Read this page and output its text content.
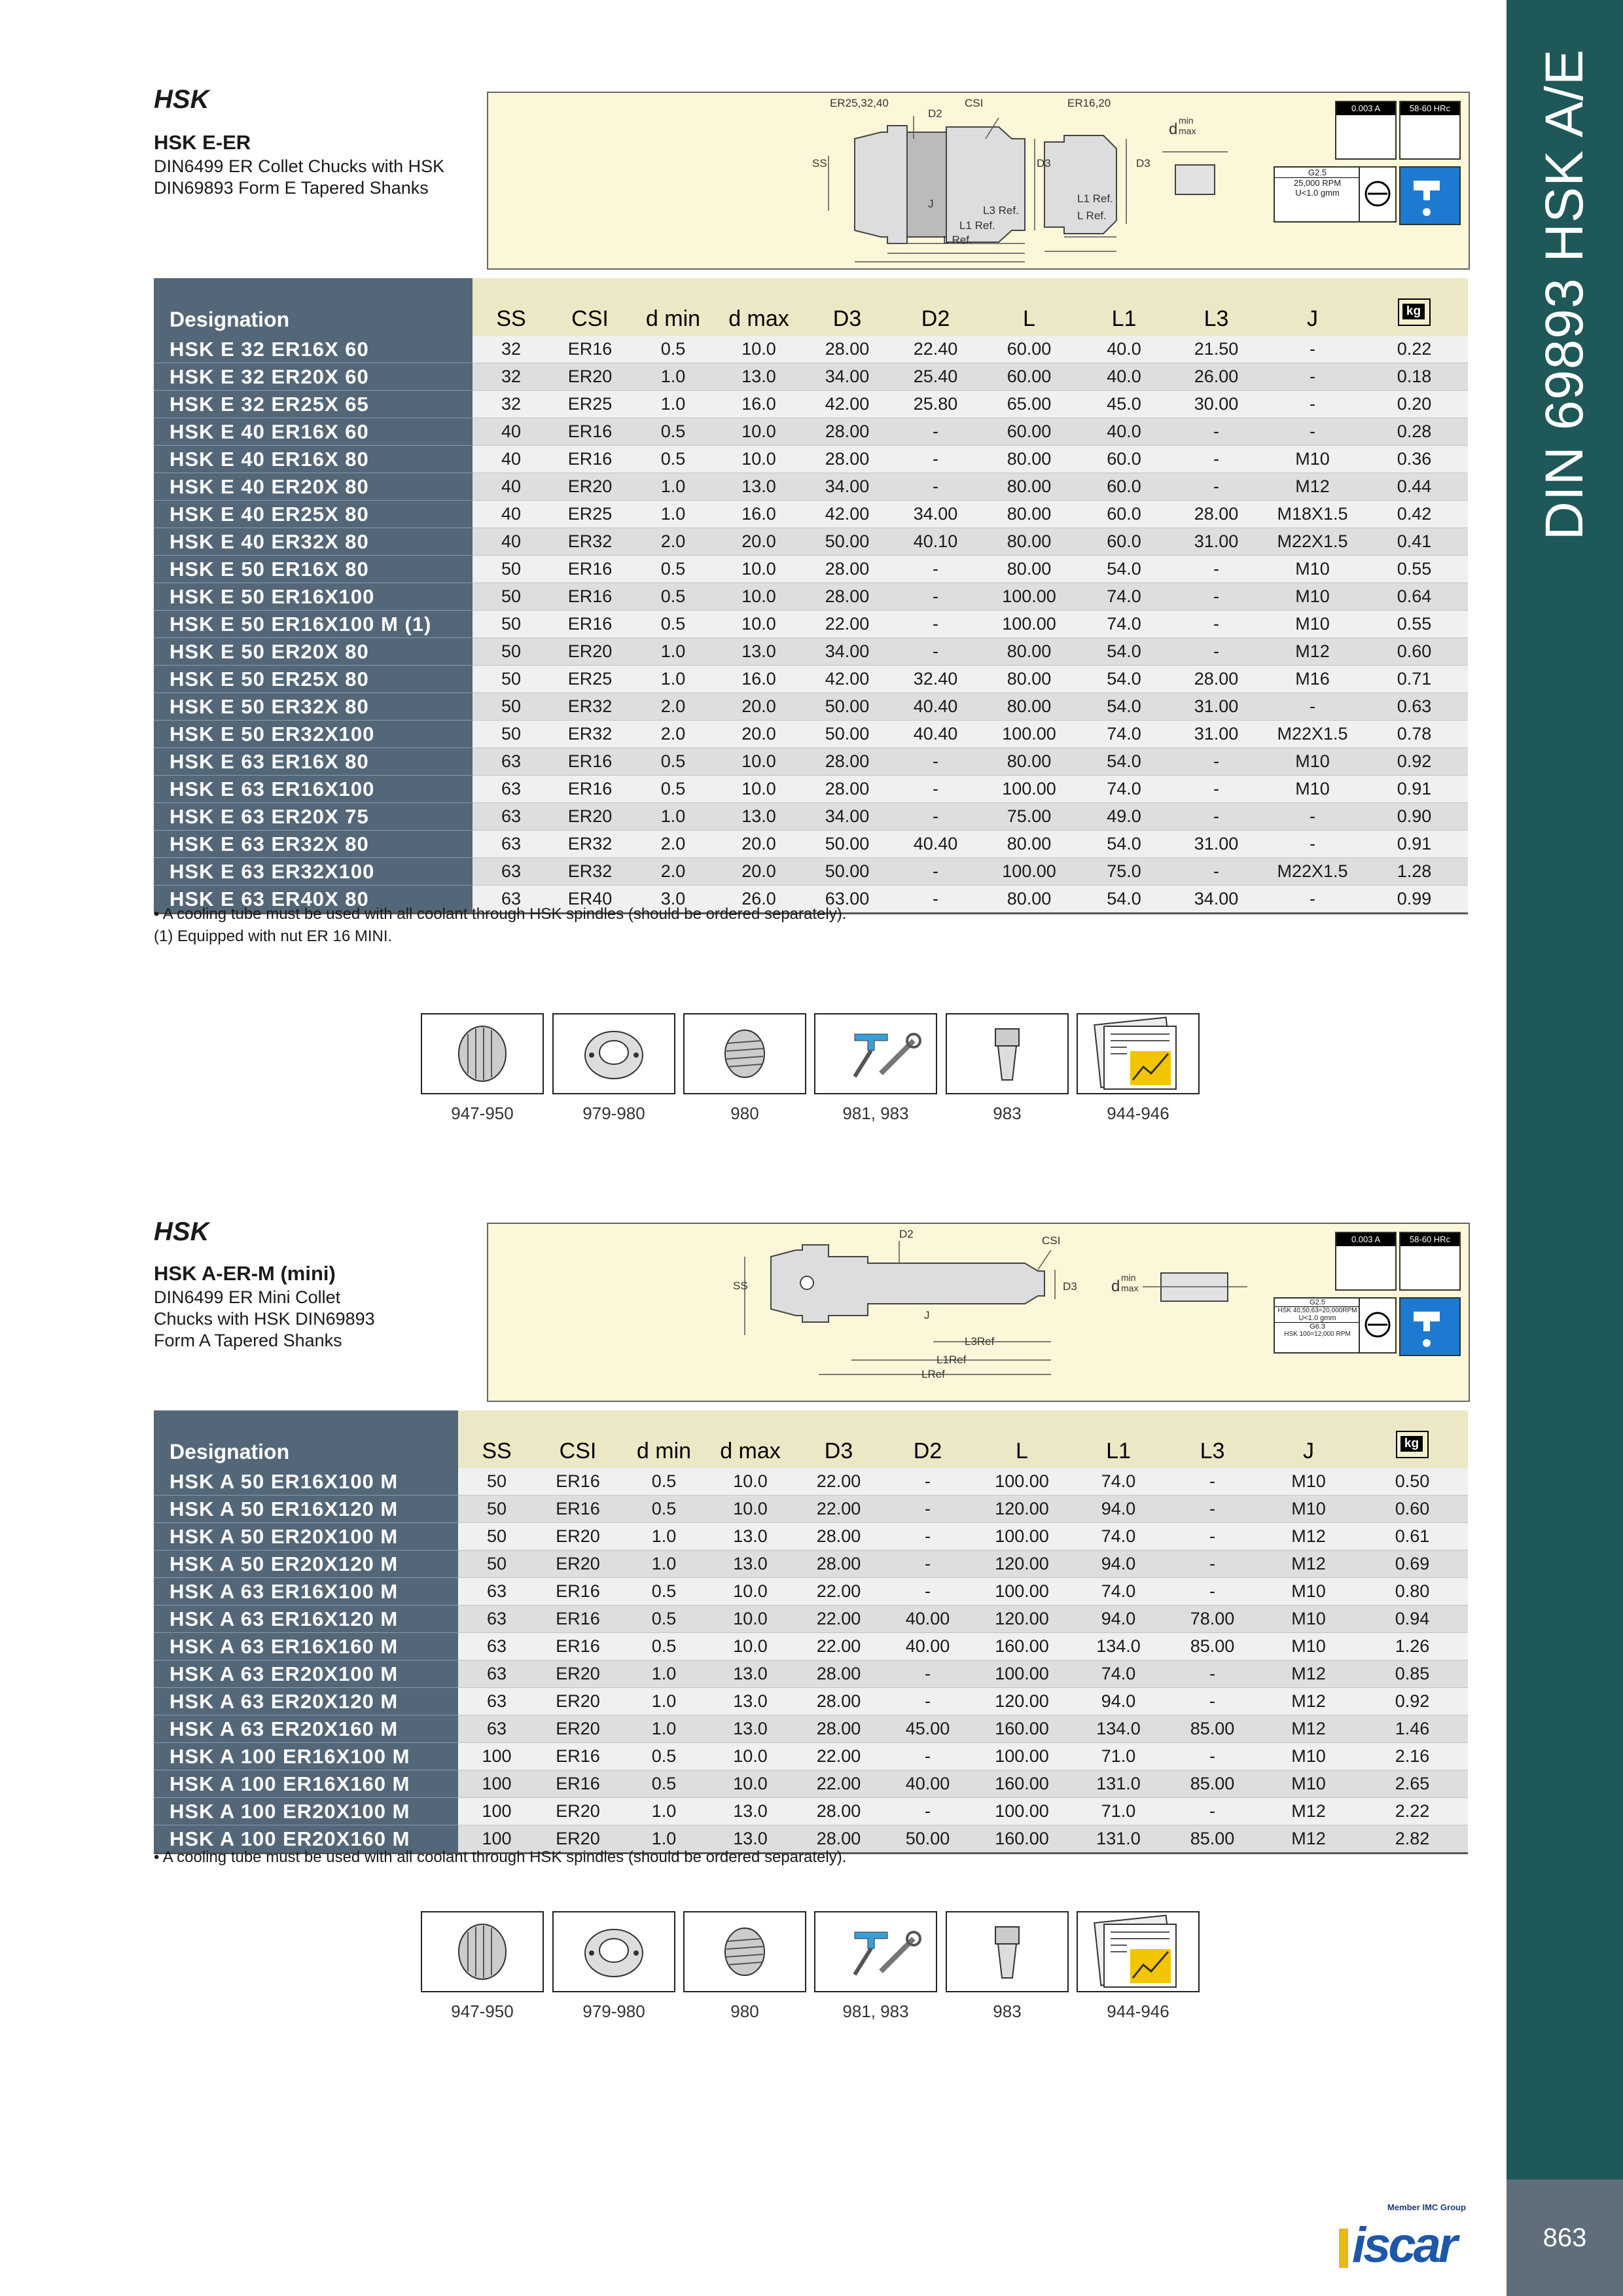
DIN 69893 HSK A/E
863
Member IMC Group
iscar
HSK
HSK E-ER
DIN6499 ER Collet Chucks with HSK
DIN69893 Form E Tapered Shanks
ER25,32,40	ER16,20
SS
D2
CSI
D3	D3
J
L3 Ref.
L1 Ref.
L Ref.
L1 Ref.
L Ref.
d min
max
0.003 A	58-60 HRc
G2.5
25,000 RPM
U<1.0 gmm
Designation	SS	CSI	d min	d max	D3	D2	L	L1	L3	J	kg

HSK E 32 ER16X 60	32	ER16	0.5	10.0	28.00	22.40	60.00	40.0	21.50	-	0.22
HSK E 32 ER20X 60	32	ER20	1.0	13.0	34.00	25.40	60.00	40.0	26.00	-	0.18
HSK E 32 ER25X 65	32	ER25	1.0	16.0	42.00	25.80	65.00	45.0	30.00	-	0.20
HSK E 40 ER16X 60	40	ER16	0.5	10.0	28.00	-	60.00	40.0	-	-	0.28
HSK E 40 ER16X 80	40	ER16	0.5	10.0	28.00	-	80.00	60.0	-	M10	0.36
HSK E 40 ER20X 80	40	ER20	1.0	13.0	34.00	-	80.00	60.0	-	M12	0.44
HSK E 40 ER25X 80	40	ER25	1.0	16.0	42.00	34.00	80.00	60.0	28.00	M18X1.5	0.42
HSK E 40 ER32X 80	40	ER32	2.0	20.0	50.00	40.10	80.00	60.0	31.00	M22X1.5	0.41
HSK E 50 ER16X 80	50	ER16	0.5	10.0	28.00	-	80.00	54.0	-	M10	0.55
HSK E 50 ER16X100	50	ER16	0.5	10.0	28.00	-	100.00	74.0	-	M10	0.64
HSK E 50 ER16X100 M (1)	50	ER16	0.5	10.0	22.00	-	100.00	74.0	-	M10	0.55
HSK E 50 ER20X 80	50	ER20	1.0	13.0	34.00	-	80.00	54.0	-	M12	0.60
HSK E 50 ER25X 80	50	ER25	1.0	16.0	42.00	32.40	80.00	54.0	28.00	M16	0.71
HSK E 50 ER32X 80	50	ER32	2.0	20.0	50.00	40.40	80.00	54.0	31.00	-	0.63
HSK E 50 ER32X100	50	ER32	2.0	20.0	50.00	40.40	100.00	74.0	31.00	M22X1.5	0.78
HSK E 63 ER16X 80	63	ER16	0.5	10.0	28.00	-	80.00	54.0	-	M10	0.92
HSK E 63 ER16X100	63	ER16	0.5	10.0	28.00	-	100.00	74.0	-	M10	0.91
HSK E 63 ER20X 75	63	ER20	1.0	13.0	34.00	-	75.00	49.0	-	-	0.90
HSK E 63 ER32X 80	63	ER32	2.0	20.0	50.00	40.40	80.00	54.0	31.00	-	0.91
HSK E 63 ER32X100	63	ER32	2.0	20.0	50.00	-	100.00	75.0	-	M22X1.5	1.28
HSK E 63 ER40X 80	63	ER40	3.0	26.0	63.00	-	80.00	54.0	34.00	-	0.99
• A cooling tube must be used with all coolant through HSK spindles (should be ordered separately).
(1) Equipped with nut ER 16 MINI.
947-950	979-980	980	981, 983	983	944-946
HSK
HSK A-ER-M (mini)
DIN6499 ER Mini Collet
Chucks with HSK DIN69893
Form A Tapered Shanks
SS
D2
CSI
D3
J
L3Ref
L1Ref
LRef
d min
max
0.003 A	58-60 HRc
G2.5
HSK 40,50,63=20,000RPM
U<1.0 gmm
G6.3
HSK 100=12,000 RPM
Designation	SS	CSI	d min	d max	D3	D2	L	L1	L3	J	kg

HSK A 50 ER16X100 M	50	ER16	0.5	10.0	22.00	-	100.00	74.0	-	M10	0.50
HSK A 50 ER16X120 M	50	ER16	0.5	10.0	22.00	-	120.00	94.0	-	M10	0.60
HSK A 50 ER20X100 M	50	ER20	1.0	13.0	28.00	-	100.00	74.0	-	M12	0.61
HSK A 50 ER20X120 M	50	ER20	1.0	13.0	28.00	-	120.00	94.0	-	M12	0.69
HSK A 63 ER16X100 M	63	ER16	0.5	10.0	22.00	-	100.00	74.0	-	M10	0.80
HSK A 63 ER16X120 M	63	ER16	0.5	10.0	22.00	40.00	120.00	94.0	78.00	M10	0.94
HSK A 63 ER16X160 M	63	ER16	0.5	10.0	22.00	40.00	160.00	134.0	85.00	M10	1.26
HSK A 63 ER20X100 M	63	ER20	1.0	13.0	28.00	-	100.00	74.0	-	M12	0.85
HSK A 63 ER20X120 M	63	ER20	1.0	13.0	28.00	-	120.00	94.0	-	M12	0.92
HSK A 63 ER20X160 M	63	ER20	1.0	13.0	28.00	45.00	160.00	134.0	85.00	M12	1.46
HSK A 100 ER16X100 M	100	ER16	0.5	10.0	22.00	-	100.00	71.0	-	M10	2.16
HSK A 100 ER16X160 M	100	ER16	0.5	10.0	22.00	40.00	160.00	131.0	85.00	M10	2.65
HSK A 100 ER20X100 M	100	ER20	1.0	13.0	28.00	-	100.00	71.0	-	M12	2.22
HSK A 100 ER20X160 M	100	ER20	1.0	13.0	28.00	50.00	160.00	131.0	85.00	M12	2.82
• A cooling tube must be used with all coolant through HSK spindles (should be ordered separately).
947-950	979-980	980	981, 983	983	944-946
